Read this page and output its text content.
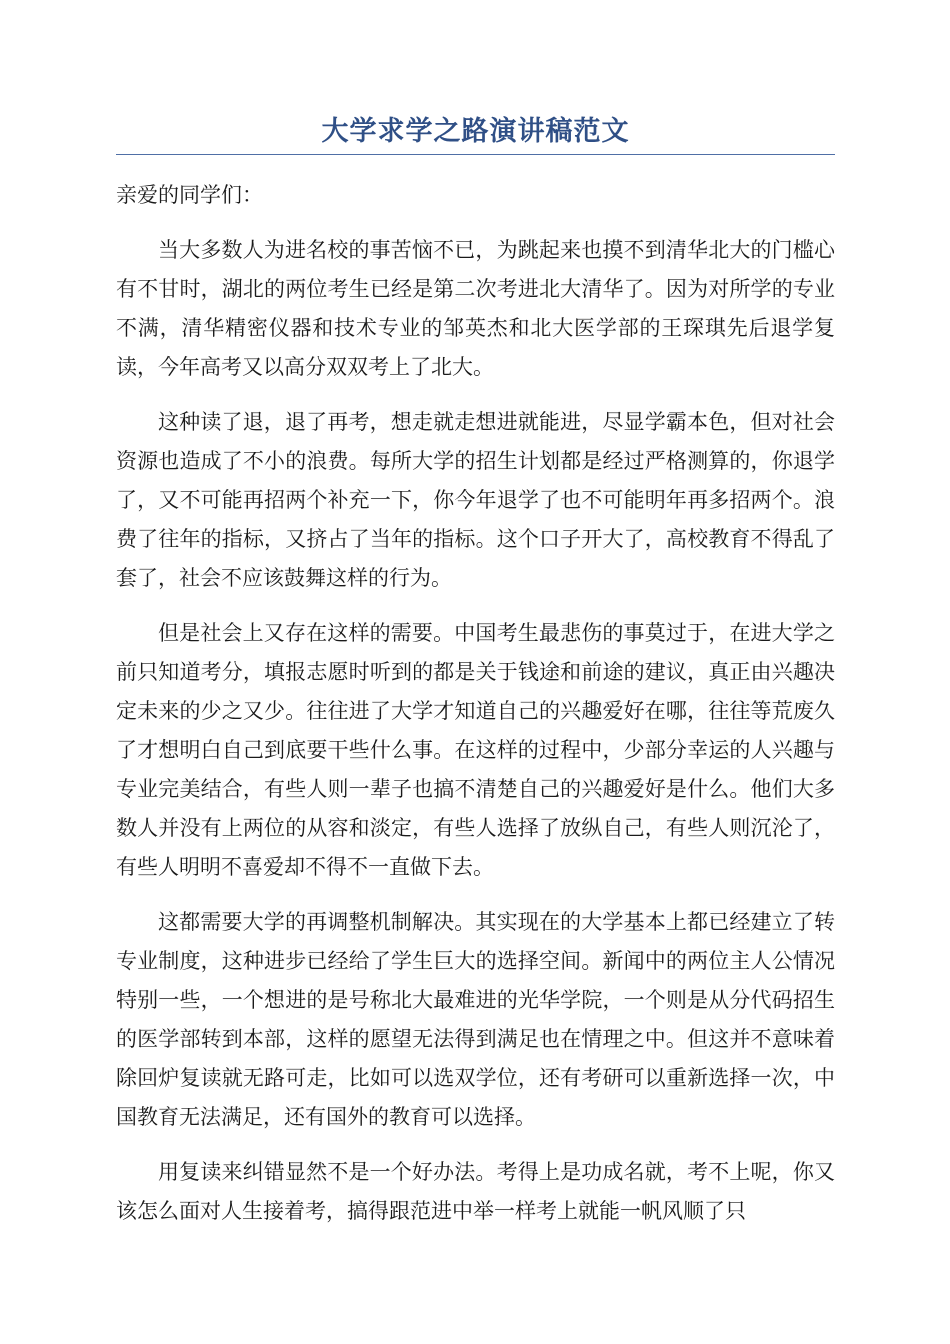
大学求学之路演讲稿范文

亲爱的同学们：

当大多数人为进名校的事苦恼不已，为跳起来也摸不到清华北大的门槛心有不甘时，湖北的两位考生已经是第二次考进北大清华了。因为对所学的专业不满，清华精密仪器和技术专业的邹英杰和北大医学部的王琛琪先后退学复读，今年高考又以高分双双考上了北大。

这种读了退，退了再考，想走就走想进就能进，尽显学霸本色，但对社会资源也造成了不小的浪费。每所大学的招生计划都是经过严格测算的，你退学了，又不可能再招两个补充一下，你今年退学了也不可能明年再多招两个。浪费了往年的指标，又挤占了当年的指标。这个口子开大了，高校教育不得乱了套了，社会不应该鼓舞这样的行为。

但是社会上又存在这样的需要。中国考生最悲伤的事莫过于，在进大学之前只知道考分，填报志愿时听到的都是关于钱途和前途的建议，真正由兴趣决定未来的少之又少。往往进了大学才知道自己的兴趣爱好在哪，往往等荒废久了才想明白自己到底要干些什么事。在这样的过程中，少部分幸运的人兴趣与专业完美结合，有些人则一辈子也搞不清楚自己的兴趣爱好是什么。他们大多数人并没有上两位的从容和淡定，有些人选择了放纵自己，有些人则沉沦了，有些人明明不喜爱却不得不一直做下去。

这都需要大学的再调整机制解决。其实现在的大学基本上都已经建立了转专业制度，这种进步已经给了学生巨大的选择空间。新闻中的两位主人公情况特别一些，一个想进的是号称北大最难进的光华学院，一个则是从分代码招生的医学部转到本部，这样的愿望无法得到满足也在情理之中。但这并不意味着除回炉复读就无路可走，比如可以选双学位，还有考研可以重新选择一次，中国教育无法满足，还有国外的教育可以选择。

用复读来纠错显然不是一个好办法。考得上是功成名就，考不上呢，你又该怎么面对人生接着考，搞得跟范进中举一样考上就能一帆风顺了只
